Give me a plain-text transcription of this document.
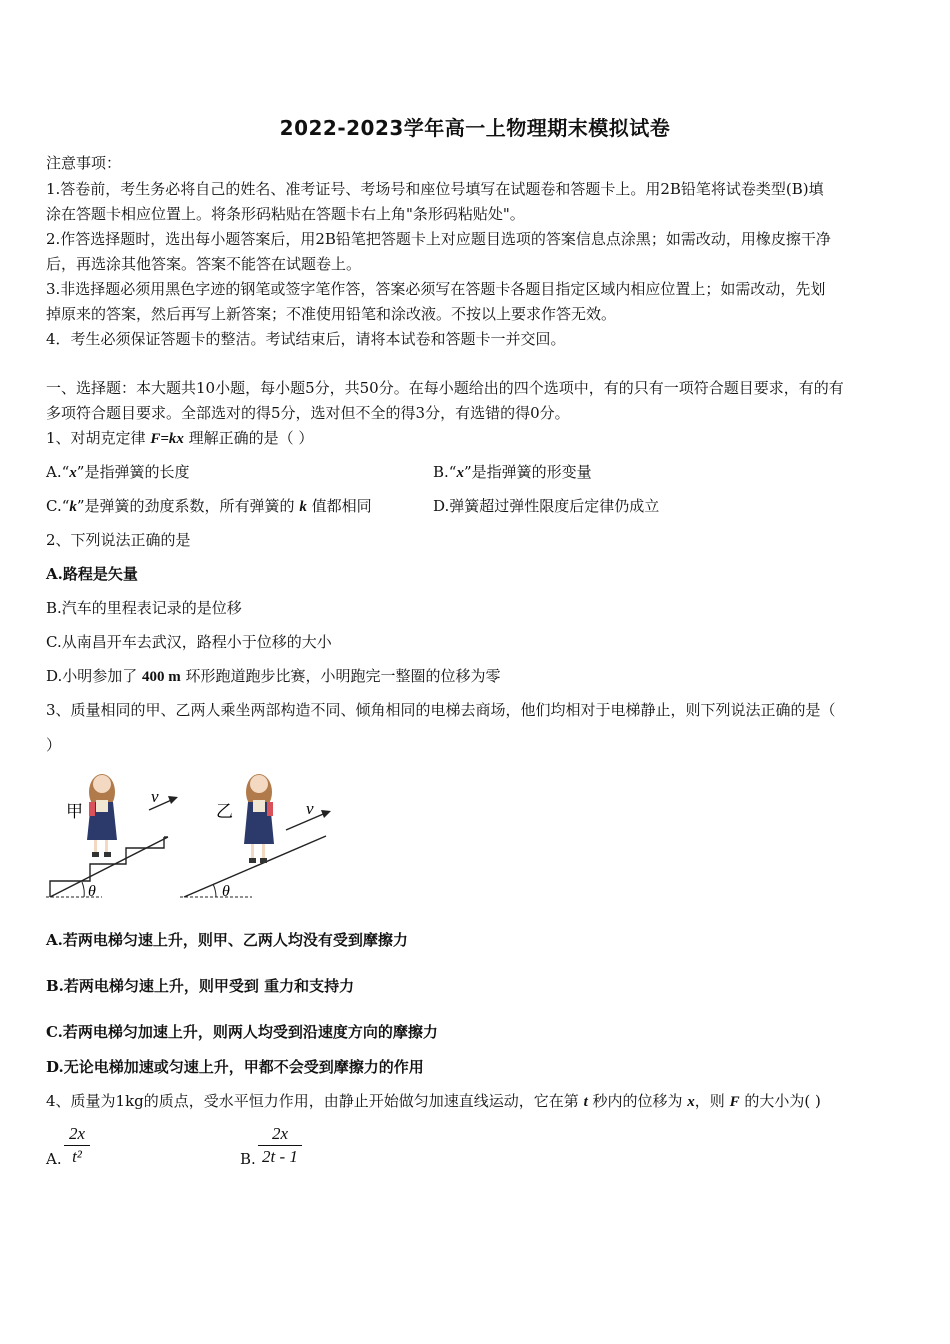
2022-2023学年高一上物理期末模拟试卷
注意事项：
1.答卷前，考生务必将自己的姓名、准考证号、考场号和座位号填写在试题卷和答题卡上。用2B铅笔将试卷类型(B)填
涂在答题卡相应位置上。将条形码粘贴在答题卡右上角"条形码粘贴处"。
2.作答选择题时，选出每小题答案后，用2B铅笔把答题卡上对应题目选项的答案信息点涂黑；如需改动，用橡皮擦干净
后，再选涂其他答案。答案不能答在试题卷上。
3.非选择题必须用黑色字迹的钢笔或签字笔作答，答案必须写在答题卡各题目指定区域内相应位置上；如需改动，先划
掉原来的答案，然后再写上新答案；不准使用铅笔和涂改液。不按以上要求作答无效。
4．考生必须保证答题卡的整洁。考试结束后，请将本试卷和答题卡一并交回。
一、选择题：本大题共10小题，每小题5分，共50分。在每小题给出的四个选项中，有的只有一项符合题目要求，有的有
多项符合题目要求。全部选对的得5分，选对但不全的得3分，有选错的得0分。
1、对胡克定律 F=kx 理解正确的是（ ）
A.“x”是指弹簧的长度	B.“x”是指弹簧的形变量
C.“k”是弹簧的劲度系数，所有弹簧的 k 值都相同	D.弹簧超过弹性限度后定律仍成立
2、下列说法正确的是
A.路程是矢量
B.汽车的里程表记录的是位移
C.从南昌开车去武汉，路程小于位移的大小
D.小明参加了 400 m 环形跑道跑步比赛，小明跑完一整圈的位移为零
3、质量相同的甲、乙两人乘坐两部构造不同、倾角相同的电梯去商场，他们均相对于电梯静止，则下列说法正确的是（
）
θ
甲
v
θ
乙	v
A.若两电梯匀速上升，则甲、乙两人均没有受到摩擦力
B.若两电梯匀速上升，则甲受到 重力和支持力
C.若两电梯匀加速上升，则两人均受到沿速度方向的摩擦力
D.无论电梯加速或匀速上升，甲都不会受到摩擦力的作用
4、质量为1kg的质点，受水平恒力作用，由静止开始做匀加速直线运动，它在第 t 秒内的位移为 x，则 F 的大小为( )
A.
2x
t²	B.
2x
2t - 1
